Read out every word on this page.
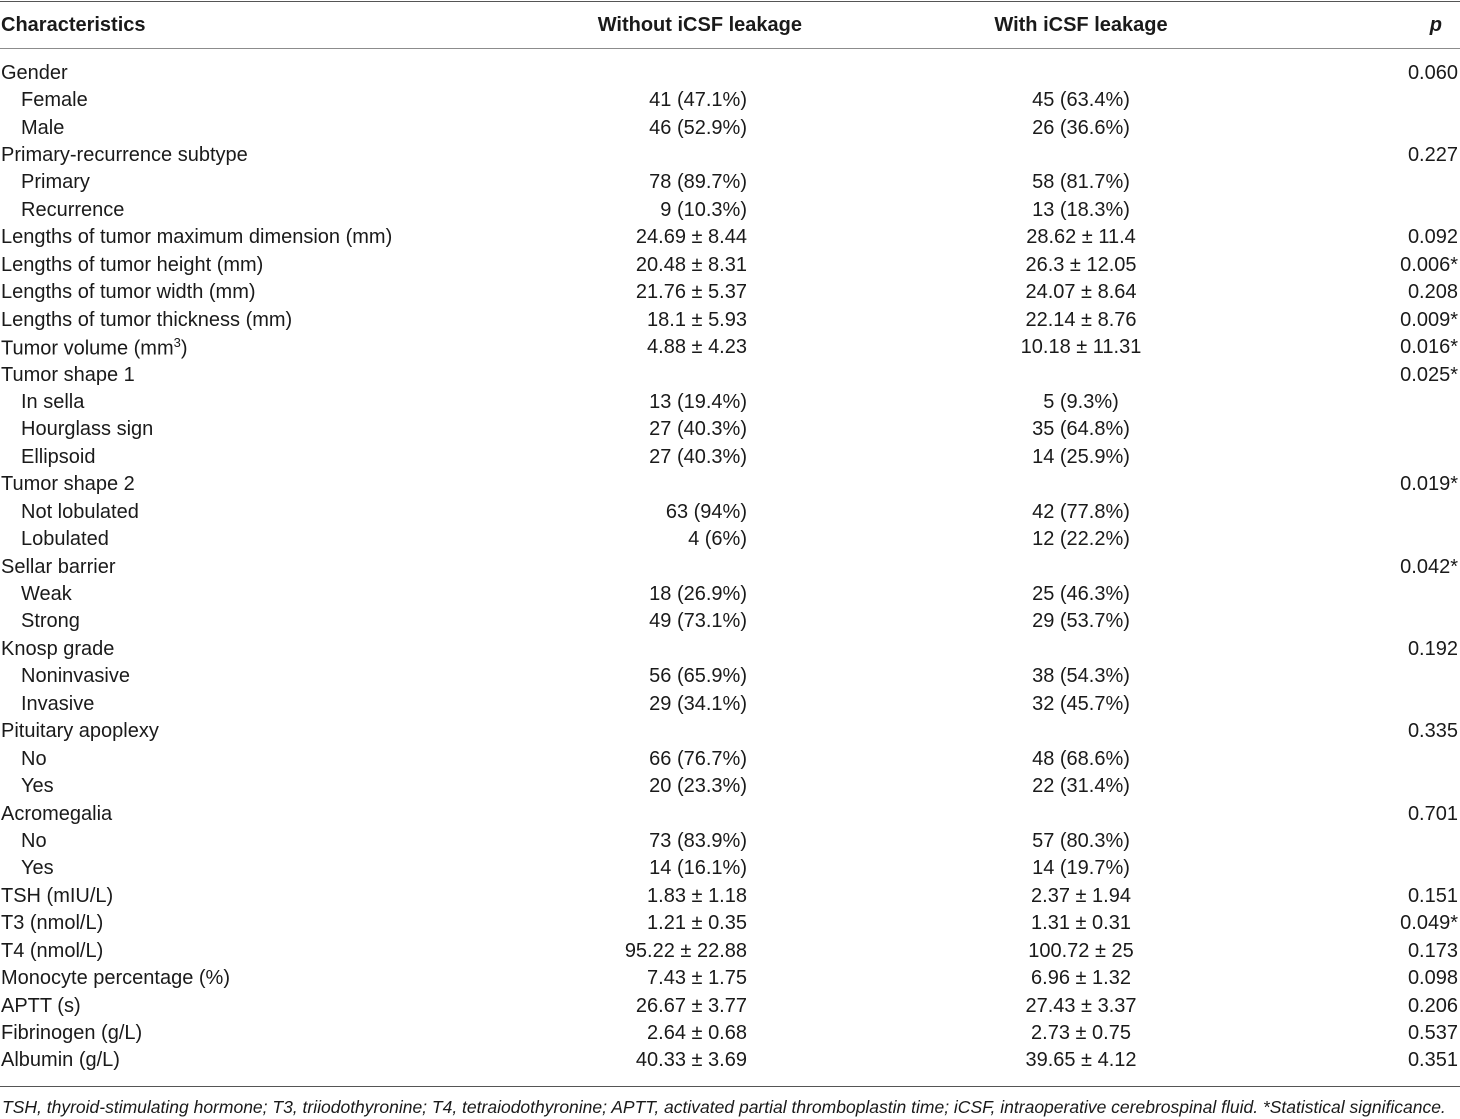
Characteristics	Without iCSF leakage	With iCSF leakage	p

Gender			0.060
Female	41 (47.1%)	45 (63.4%)	
Male	46 (52.9%)	26 (36.6%)	
Primary-recurrence subtype			0.227
Primary	78 (89.7%)	58 (81.7%)	
Recurrence	9 (10.3%)	13 (18.3%)	
Lengths of tumor maximum dimension (mm)	24.69 ± 8.44	28.62 ± 11.4	0.092
Lengths of tumor height (mm)	20.48 ± 8.31	26.3 ± 12.05	0.006*
Lengths of tumor width (mm)	21.76 ± 5.37	24.07 ± 8.64	0.208
Lengths of tumor thickness (mm)	18.1 ± 5.93	22.14 ± 8.76	0.009*
Tumor volume $(mm^3)$	4.88 ± 4.23	10.18 ± 11.31	0.016*
Tumor shape 1			0.025*
In sella	13 (19.4%)	5 (9.3%)	
Hourglass sign	27 (40.3%)	35 (64.8%)	
Ellipsoid	27 (40.3%)	14 (25.9%)	
Tumor shape 2			0.019*
Not lobulated	63 (94%)	42 (77.8%)	
Lobulated	4 (6%)	12 (22.2%)	
Sellar barrier			0.042*
Weak	18 (26.9%)	25 (46.3%)	
Strong	49 (73.1%)	29 (53.7%)	
Knosp grade			0.192
Noninvasive	56 (65.9%)	38 (54.3%)	
Invasive	29 (34.1%)	32 (45.7%)	
Pituitary apoplexy			0.335
No	66 (76.7%)	48 (68.6%)	
Yes	20 (23.3%)	22 (31.4%)	
Acromegalia			0.701
No	73 (83.9%)	57 (80.3%)	
Yes	14 (16.1%)	14 (19.7%)	
TSH (mIU/L)	1.83 ± 1.18	2.37 ± 1.94	0.151
T3 (nmol/L)	1.21 ± 0.35	1.31 ± 0.31	0.049*
T4 (nmol/L)	95.22 ± 22.88	100.72 ± 25	0.173
Monocyte percentage (%)	7.43 ± 1.75	6.96 ± 1.32	0.098
APTT (s)	26.67 ± 3.77	27.43 ± 3.37	0.206
Fibrinogen (g/L)	2.64 ± 0.68	2.73 ± 0.75	0.537
Albumin (g/L)	40.33 ± 3.69	39.65 ± 4.12	0.351
TSH, thyroid-stimulating hormone; T3, triiodothyronine; T4, tetraiodothyronine; APTT, activated partial thromboplastin time; iCSF, intraoperative cerebrospinal fluid. *Statistical significance.
